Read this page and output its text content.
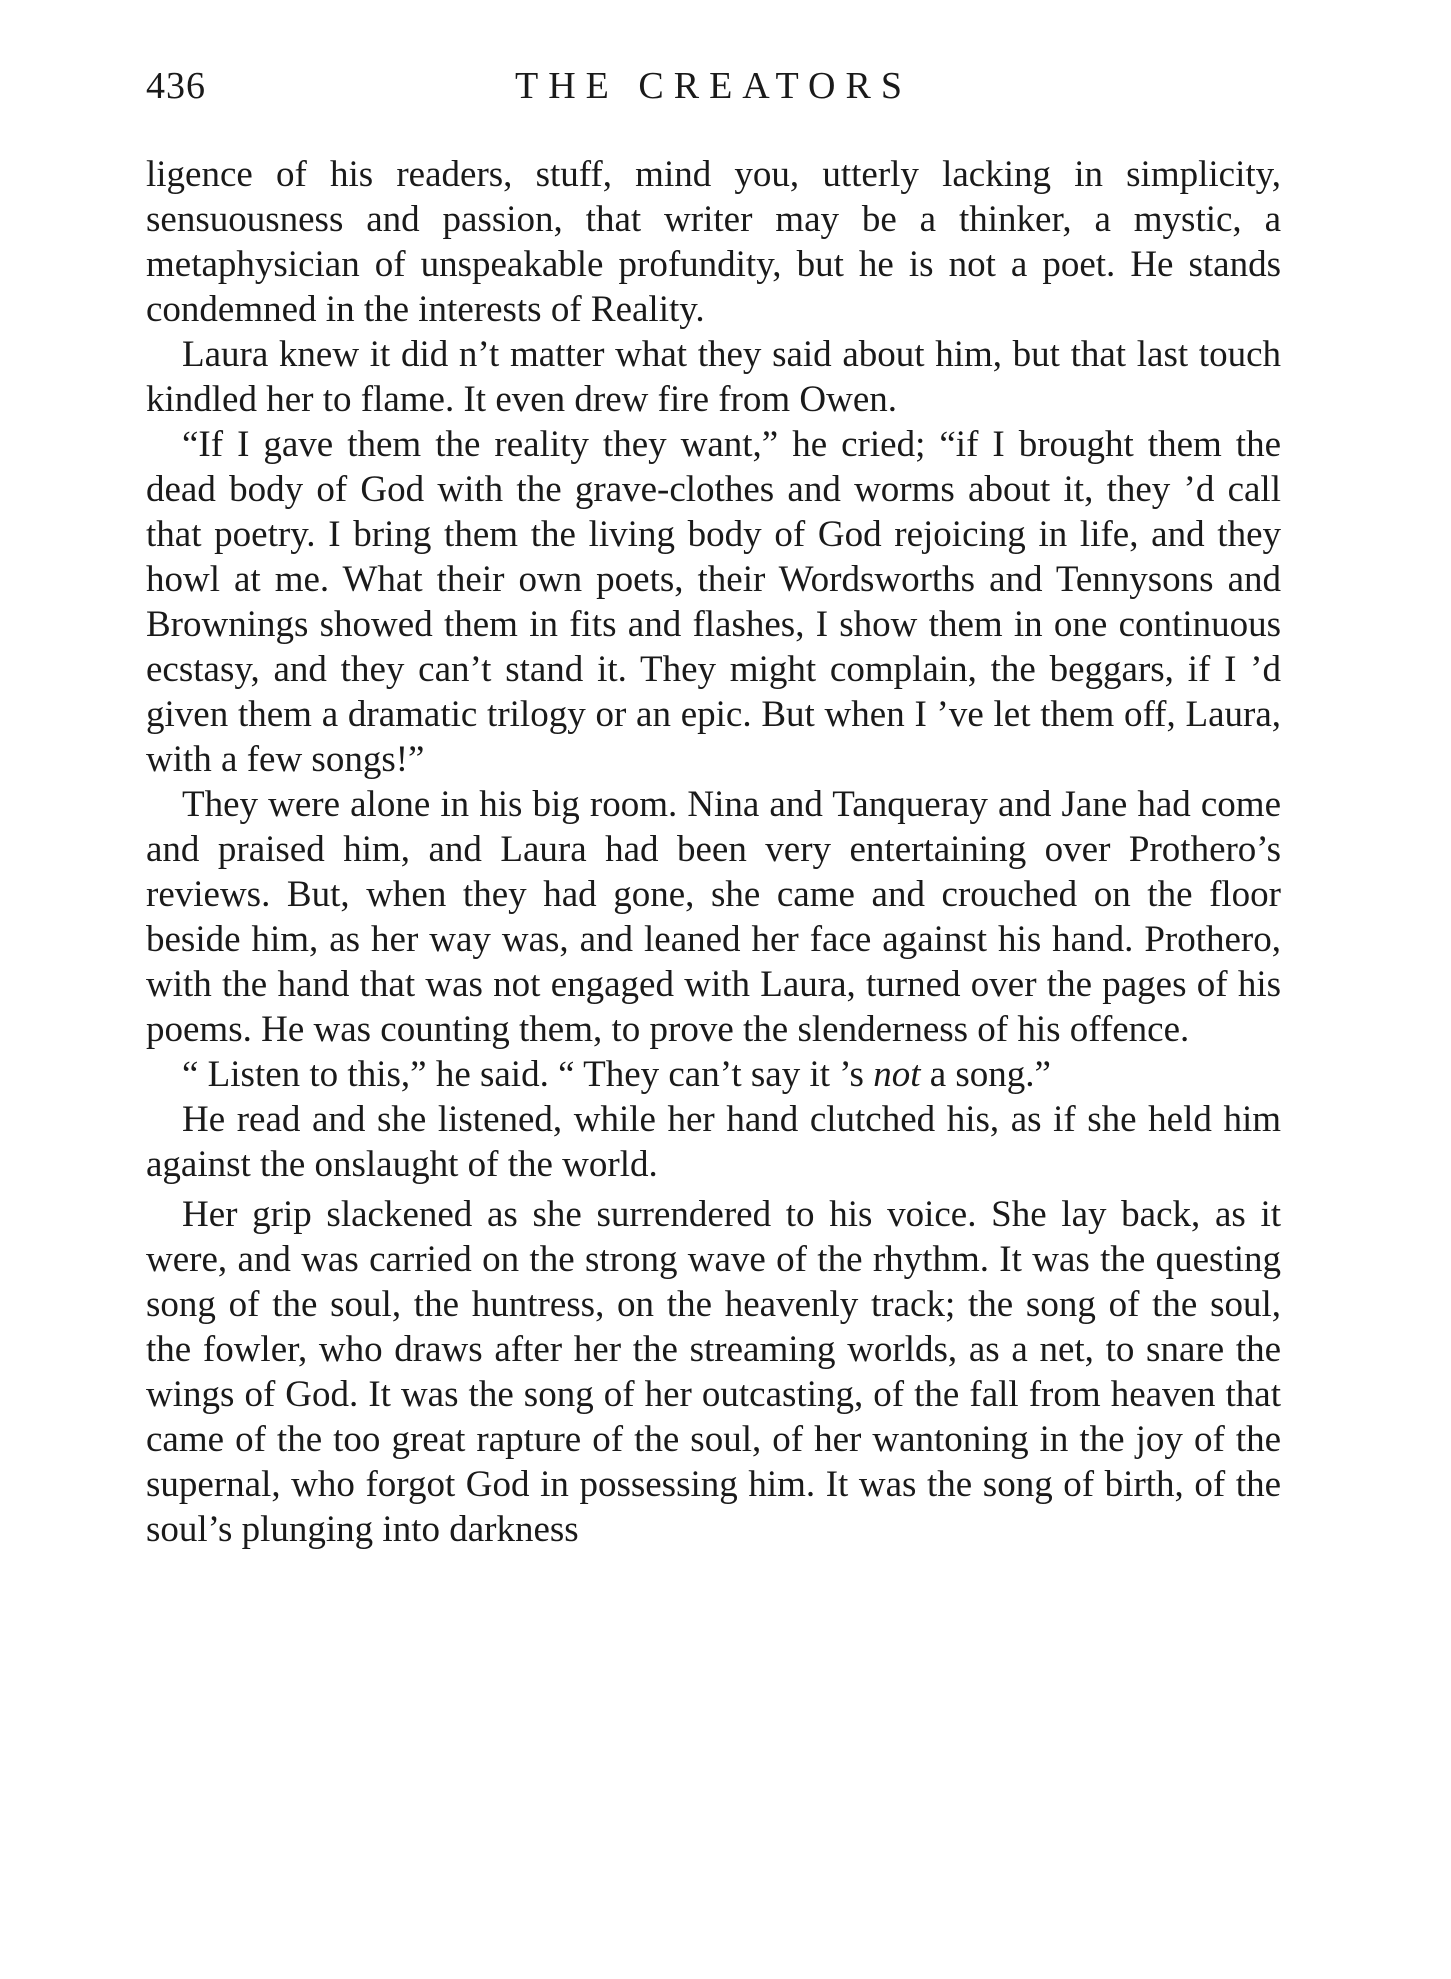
436	THE CREATORS

ligence of his readers, stuff, mind you, utterly lacking in simplicity, sensuousness and passion, that writer may be a thinker, a mystic, a metaphysician of unspeakable profundity, but he is not a poet. He stands condemned in the interests of Reality.

Laura knew it did n’t matter what they said about him, but that last touch kindled her to flame. It even drew fire from Owen.

“If I gave them the reality they want,” he cried; “if I brought them the dead body of God with the grave-clothes and worms about it, they ’d call that poetry. I bring them the living body of God rejoicing in life, and they howl at me. What their own poets, their Wordsworths and Tennysons and Brownings showed them in fits and flashes, I show them in one continuous ecstasy, and they can’t stand it. They might complain, the beggars, if I ’d given them a dramatic trilogy or an epic. But when I ’ve let them off, Laura, with a few songs!”

They were alone in his big room. Nina and Tanqueray and Jane had come and praised him, and Laura had been very entertaining over Prothero’s reviews. But, when they had gone, she came and crouched on the floor beside him, as her way was, and leaned her face against his hand. Prothero, with the hand that was not engaged with Laura, turned over the pages of his poems. He was counting them, to prove the slenderness of his offence.

“ Listen to this,” he said. “ They can’t say it ’s not a song.”

He read and she listened, while her hand clutched his, as if she held him against the onslaught of the world.

Her grip slackened as she surrendered to his voice. She lay back, as it were, and was carried on the strong wave of the rhythm. It was the questing song of the soul, the huntress, on the heavenly track; the song of the soul, the fowler, who draws after her the streaming worlds, as a net, to snare the wings of God. It was the song of her outcasting, of the fall from heaven that came of the too great rapture of the soul, of her wantoning in the joy of the supernal, who forgot God in possessing him. It was the song of birth, of the soul’s plunging into darkness
